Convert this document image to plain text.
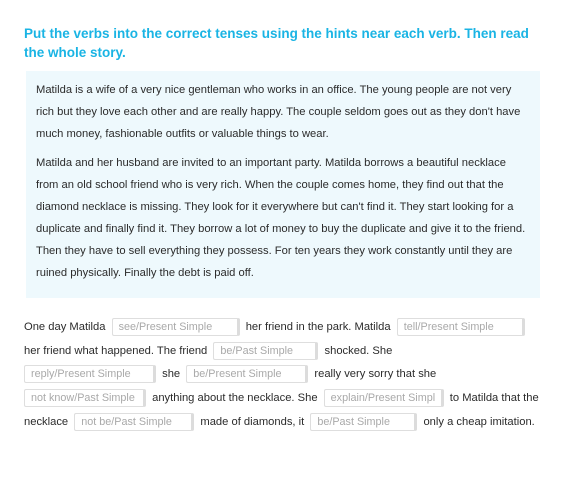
Put the verbs into the correct tenses using the hints near each verb. Then read the whole story.

Matilda is a wife of a very nice gentleman who works in an office. The young people are not very rich but they love each other and are really happy. The couple seldom goes out as they don't have much money, fashionable outfits or valuable things to wear.

Matilda and her husband are invited to an important party. Matilda borrows a beautiful necklace from an old school friend who is very rich. When the couple comes home, they find out that the diamond necklace is missing. They look for it everywhere but can't find it. They start looking for a duplicate and finally find it. They borrow a lot of money to buy the duplicate and give it to the friend. Then they have to sell everything they possess. For ten years they work constantly until they are ruined physically. Finally the debt is paid off.

One day Matilda see/Present Simple	her friend in the park. Matilda tell/Present Simple
her friend what happened. The friend be/Past Simple	shocked. She
reply/Present Simple she be/Present Simple	really very sorry that she
not know/Past Simple anything about the necklace. She explain/Present Simple	to Matilda that the necklace not be/Past Simple	made of diamonds, it be/Past Simple	only a cheap imitation.
